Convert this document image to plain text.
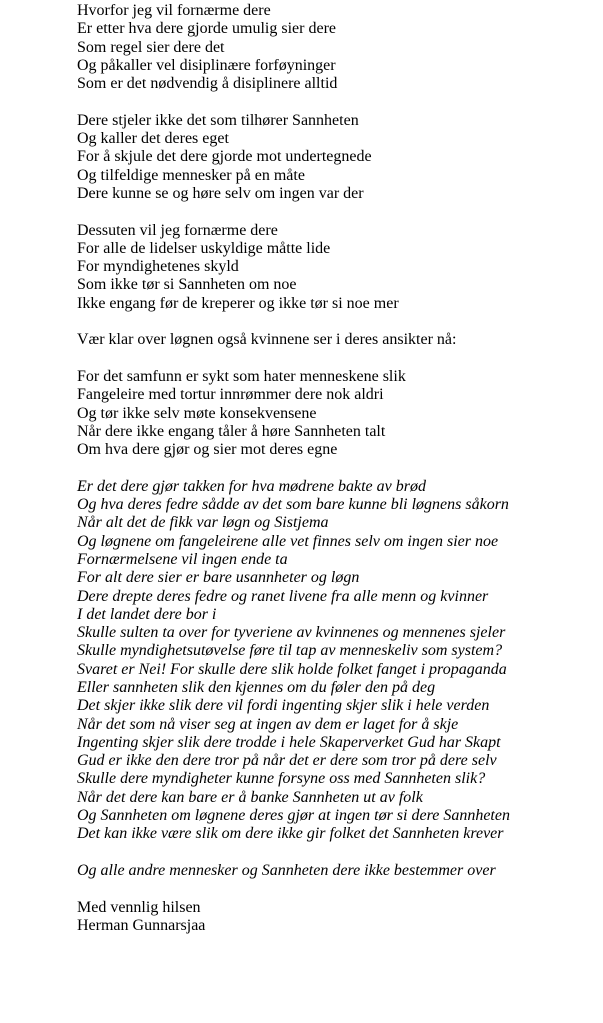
Hvorfor jeg vil fornærme dere

Er etter hva dere gjorde umulig sier dere

Som regel sier dere det

Og påkaller vel disiplinære forføyninger

Som er det nødvendig å disiplinere alltid

Dere stjeler ikke det som tilhører Sannheten

Og kaller det deres eget

For å skjule det dere gjorde mot undertegnede

Og tilfeldige mennesker på en måte

Dere kunne se og høre selv om ingen var der

Dessuten vil jeg fornærme dere

For alle de lidelser uskyldige måtte lide

For myndighetenes skyld

Som ikke tør si Sannheten om noe

Ikke engang før de kreperer og ikke tør si noe mer

Vær klar over løgnen også kvinnene ser i deres ansikter nå:

For det samfunn er sykt som hater menneskene slik

Fangeleire med tortur innrømmer dere nok aldri

Og tør ikke selv møte konsekvensene

Når dere ikke engang tåler å høre Sannheten talt

Om hva dere gjør og sier mot deres egne

Er det dere gjør takken for hva mødrene bakte av brød

Og hva deres fedre sådde av det som bare kunne bli løgnens såkorn

Når alt det de fikk var løgn og Sistjema

Og løgnene om fangeleirene alle vet finnes selv om ingen sier noe

Fornærmelsene vil ingen ende ta

For alt dere sier er bare usannheter og løgn

Dere drepte deres fedre og ranet livene fra alle menn og kvinner

I det landet dere bor i

Skulle sulten ta over for tyveriene av kvinnenes og mennenes sjeler

Skulle myndighetsutøvelse føre til tap av menneskeliv som system?

Svaret er Nei! For skulle dere slik holde folket fanget i propaganda

Eller sannheten slik den kjennes om du føler den på deg

Det skjer ikke slik dere vil fordi ingenting skjer slik i hele verden

Når det som nå viser seg at ingen av dem er laget for å skje

Ingenting skjer slik dere trodde i hele Skaperverket Gud har Skapt

Gud er ikke den dere tror på når det er dere som tror på dere selv

Skulle dere myndigheter kunne forsyne oss med Sannheten slik?

Når det dere kan bare er å banke Sannheten ut av folk

Og Sannheten om løgnene deres gjør at ingen tør si dere Sannheten

Det kan ikke være slik om dere ikke gir folket det Sannheten krever

Og alle andre mennesker og Sannheten dere ikke bestemmer over

Med vennlig hilsen

Herman Gunnarsjaa
